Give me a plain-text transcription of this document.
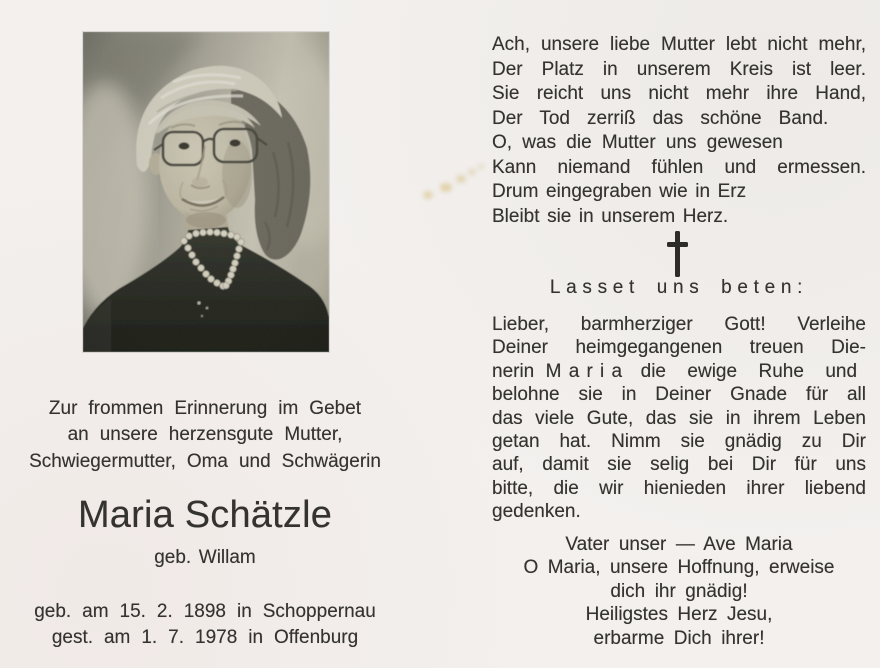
Zur frommen Erinnerung im Gebet
an unsere herzensgute Mutter,
Schwiegermutter, Oma und Schwägerin
Maria Schätzle
geb. Willam
geb. am 15. 2. 1898 in Schoppernau
gest. am 1. 7. 1978 in Offenburg
Ach, unsere liebe Mutter lebt nicht mehr,
Der Platz in unserem Kreis ist leer.
Sie reicht uns nicht mehr ihre Hand,
Der Tod zerriß das schöne Band.
O, was die Mutter uns gewesen
Kann niemand fühlen und ermessen.
Drum eingegraben wie in Erz
Bleibt sie in unserem Herz.
Lasset uns beten:
Lieber, barmherziger Gott! Verleihe
Deiner heimgegangenen treuen Die-
nerin Maria die ewige Ruhe und
belohne sie in Deiner Gnade für all
das viele Gute, das sie in ihrem Leben
getan hat. Nimm sie gnädig zu Dir
auf, damit sie selig bei Dir für uns
bitte, die wir hienieden ihrer liebend
gedenken.
Vater unser — Ave Maria
O Maria, unsere Hoffnung, erweise
dich ihr gnädig!
Heiligstes Herz Jesu,
erbarme Dich ihrer!
